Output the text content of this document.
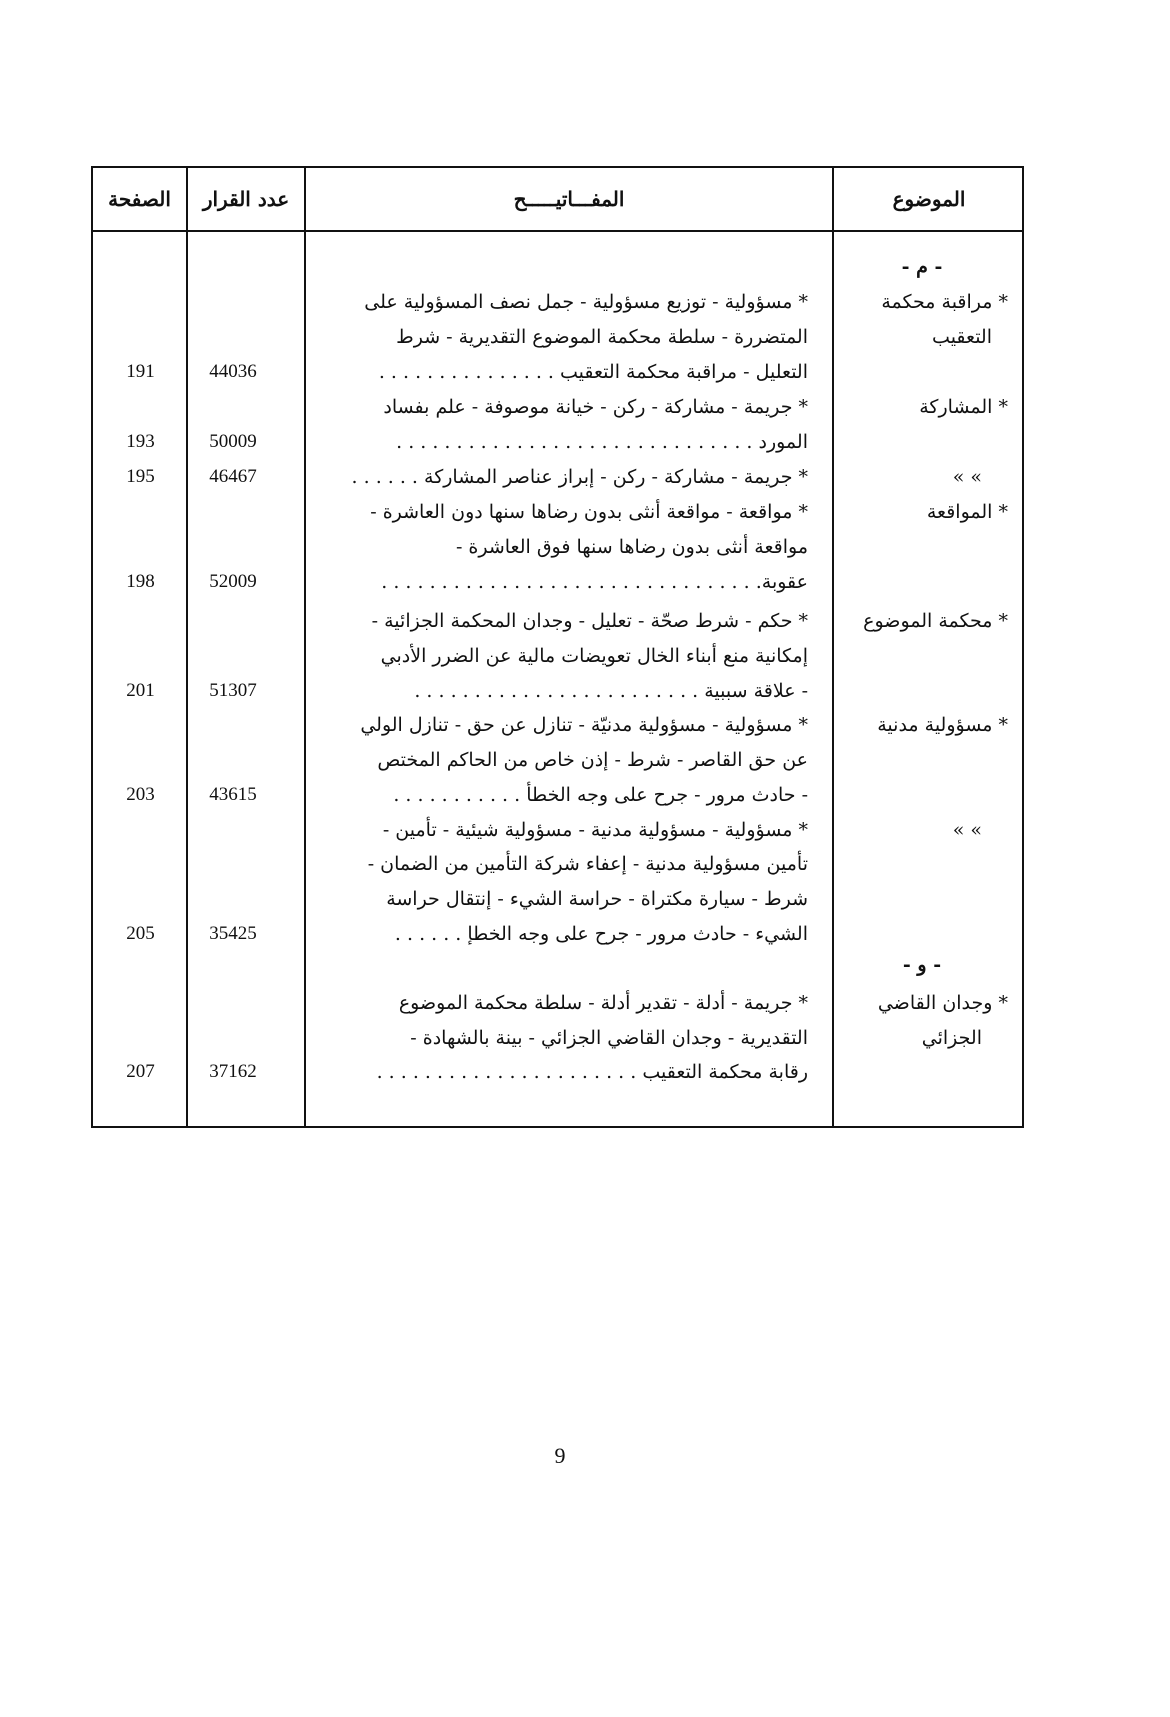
الموضوع
المفـــاتيـــــح
عدد القرار
الصفحة
- م -
- و -
* مراقبة محكمة
التعقيب
* المشاركة
» »
* المواقعة
* محكمة الموضوع
* مسؤولية مدنية
» »
* وجدان القاضي
الجزائي
* مسؤولية - توزيع مسؤولية - جمل نصف المسؤولية على
المتضررة - سلطة محكمة الموضوع التقديرية - شرط
التعليل - مراقبة محكمة التعقيب . . . . . . . . . . . . . . .
* جريمة - مشاركة - ركن - خيانة موصوفة - علم بفساد
المورد . . . . . . . . . . . . . . . . . . . . . . . . . . . . . .
* جريمة - مشاركة - ركن - إبراز عناصر المشاركة . . . . . .
* مواقعة - مواقعة أنثى بدون رضاها سنها دون العاشرة -
مواقعة أنثى بدون رضاها سنها فوق العاشرة -
عقوبة. . . . . . . . . . . . . . . . . . . . . . . . . . . . . . . .
* حكم - شرط صحّة - تعليل - وجدان المحكمة الجزائية -
إمكانية منع أبناء الخال تعويضات مالية عن الضرر الأدبي
- علاقة سببية . . . . . . . . . . . . . . . . . . . . . . . .
* مسؤولية - مسؤولية مدنيّة - تنازل عن حق - تنازل الولي
عن حق القاصر - شرط - إذن خاص من الحاكم المختص
- حادث مرور - جرح على وجه الخطأ . . . . . . . . . . .
* مسؤولية - مسؤولية مدنية - مسؤولية شيئية - تأمين -
تأمين مسؤولية مدنية - إعفاء شركة التأمين من الضمان -
شرط - سيارة مكتراة - حراسة الشيء - إنتقال حراسة
الشيء - حادث مرور - جرح على وجه الخطإ . . . . . .
* جريمة - أدلة - تقدير أدلة - سلطة محكمة الموضوع
التقديرية - وجدان القاضي الجزائي - بينة بالشهادة -
رقابة محكمة التعقيب . . . . . . . . . . . . . . . . . . . . . .
44036
191
50009
193
46467
195
52009
198
51307
201
43615
203
35425
205
37162
207
9
